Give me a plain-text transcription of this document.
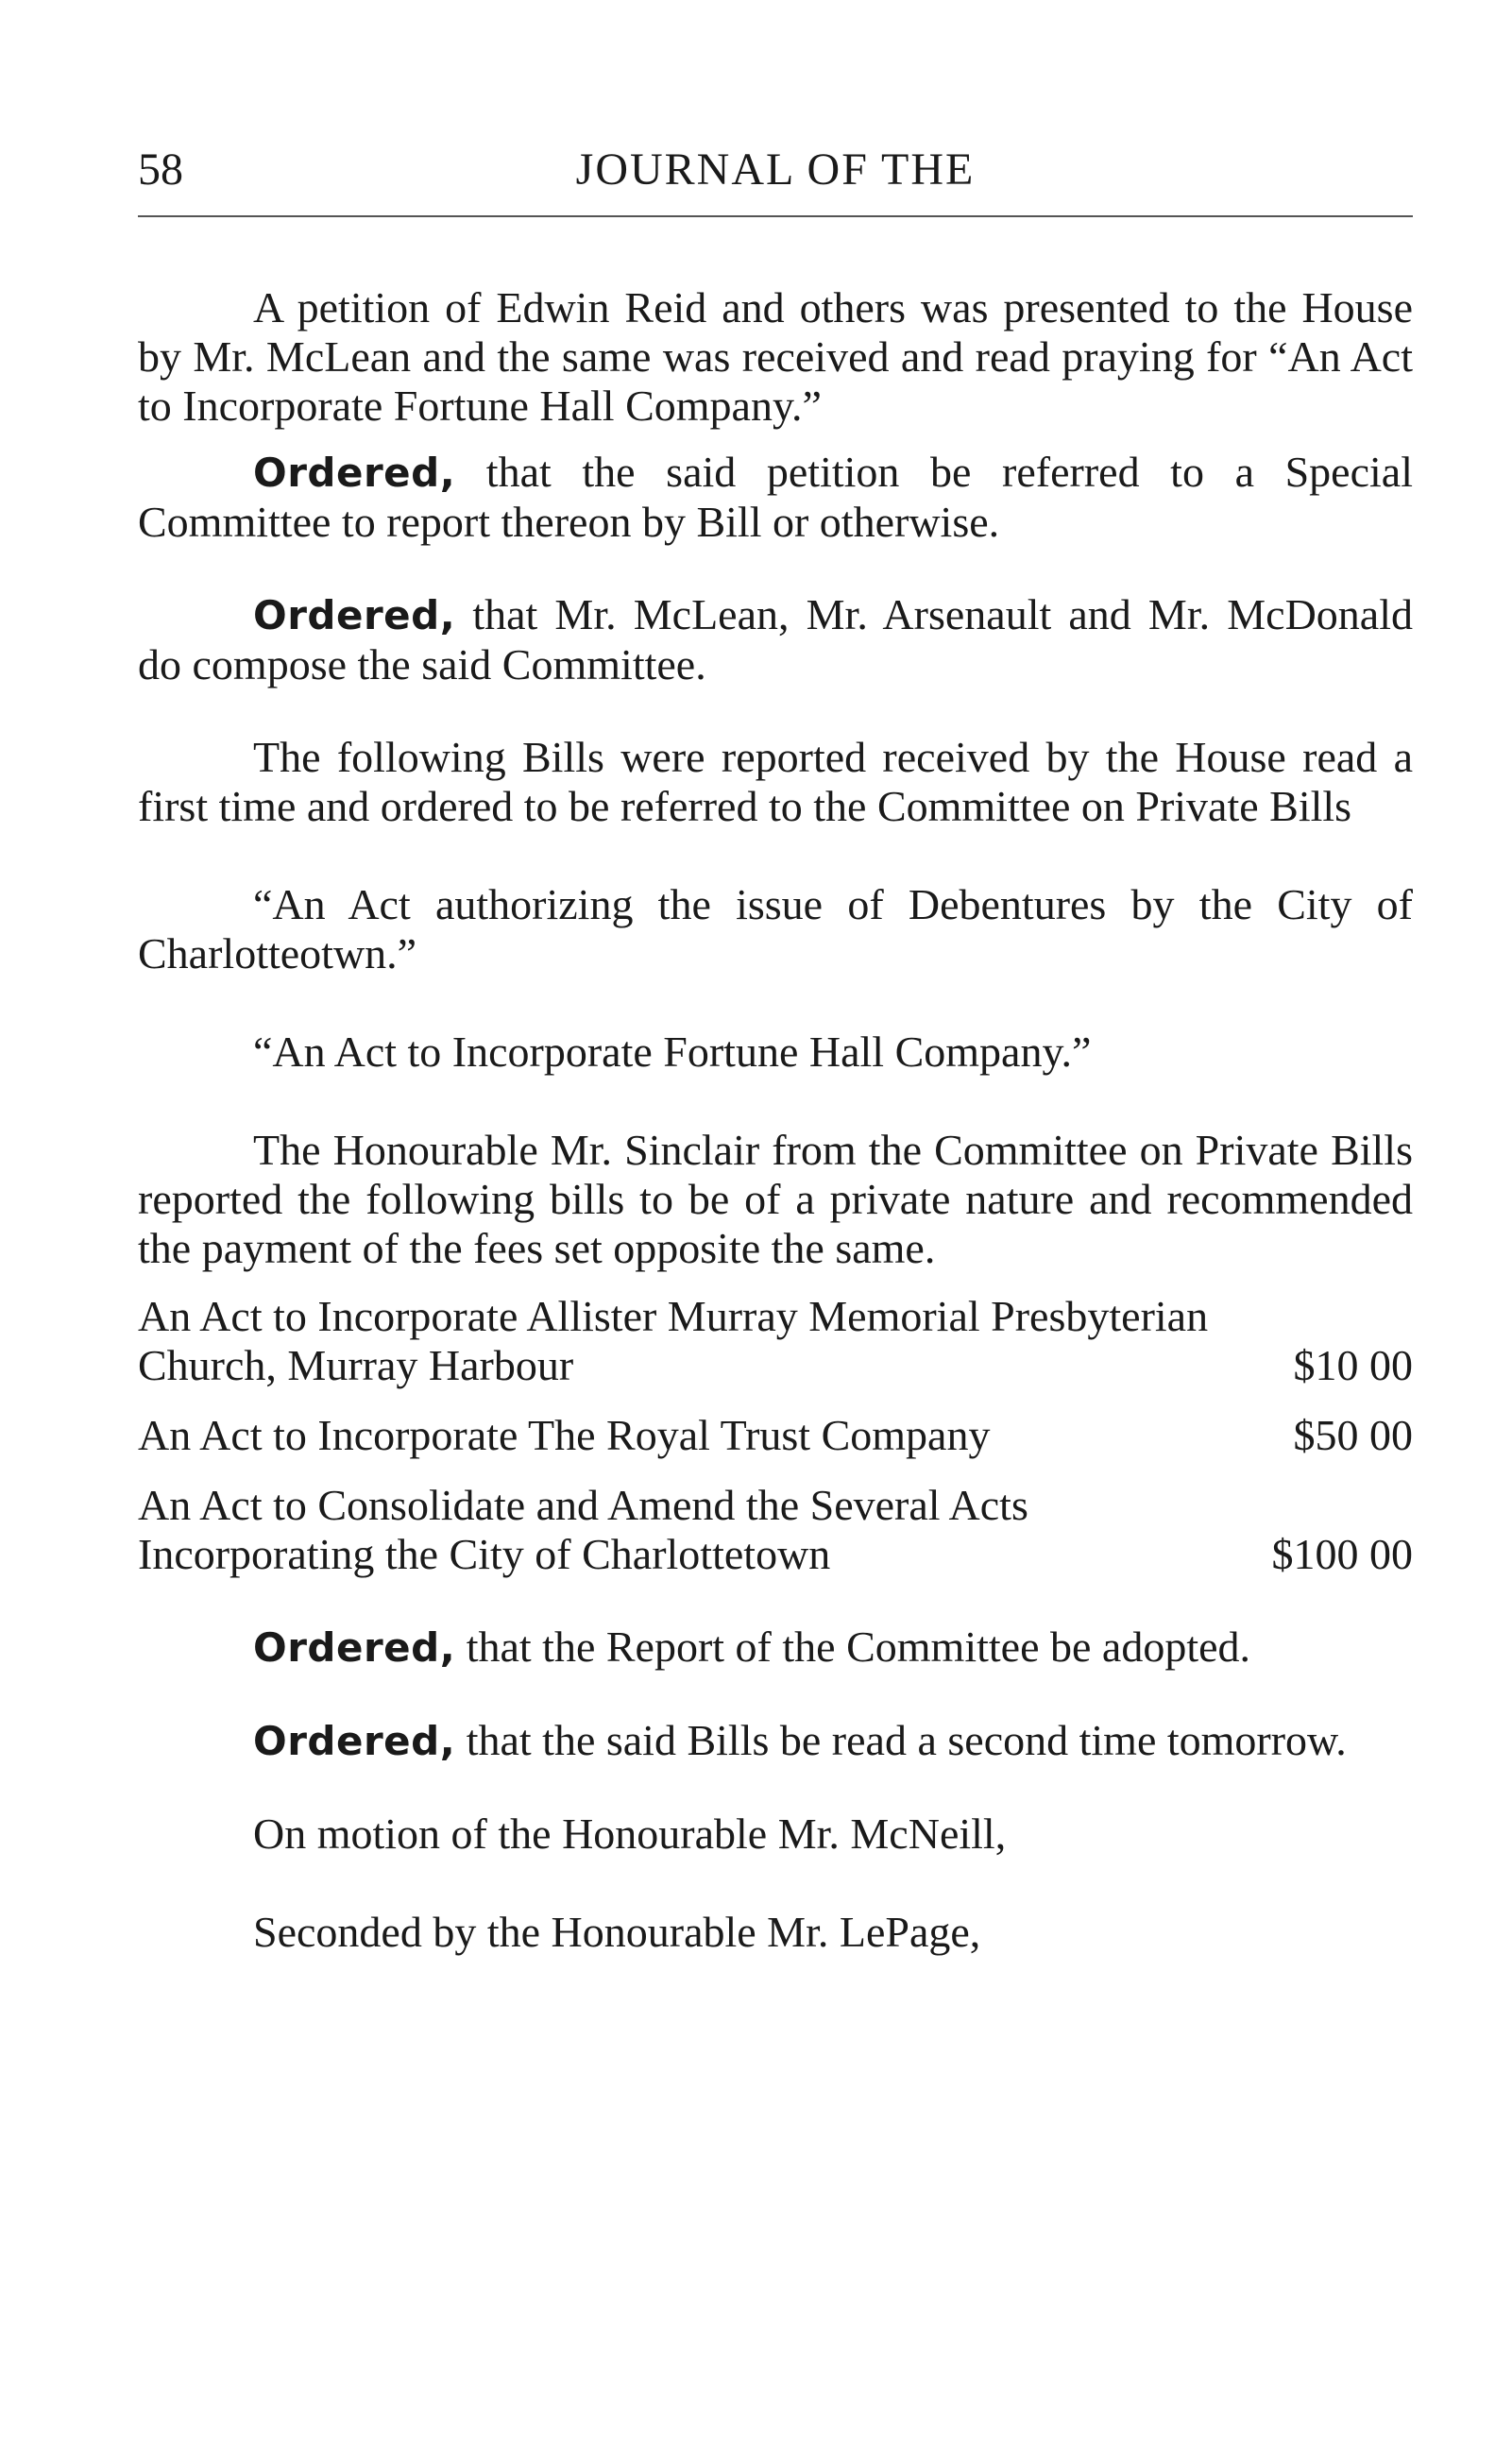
58	JOURNAL OF THE

A petition of Edwin Reid and others was presented to the House by Mr. McLean and the same was received and read praying for “An Act to Incorporate Fortune Hall Company.”

Ordered, that the said petition be referred to a Special Committee to report thereon by Bill or otherwise.

Ordered, that Mr. McLean, Mr. Arsenault and Mr. McDonald do compose the said Committee.

The following Bills were reported received by the House read a first time and ordered to be referred to the Committee on Private Bills

“An Act authorizing the issue of Debentures by the City of Charlotteotwn.”

“An Act to Incorporate Fortune Hall Company.”

The Honourable Mr. Sinclair from the Committee on Private Bills reported the following bills to be of a private nature and recommended the payment of the fees set opposite the same.

An Act to Incorporate Allister Murray Memorial Presbyterian Church, Murray Harbour	$10 00
An Act to Incorporate The Royal Trust Company	$50 00
An Act to Consolidate and Amend the Several Acts Incorporating the City of Charlottetown	$100 00

Ordered, that the Report of the Committee be adopted.

Ordered, that the said Bills be read a second time tomorrow.

On motion of the Honourable Mr. McNeill,

Seconded by the Honourable Mr. LePage,
